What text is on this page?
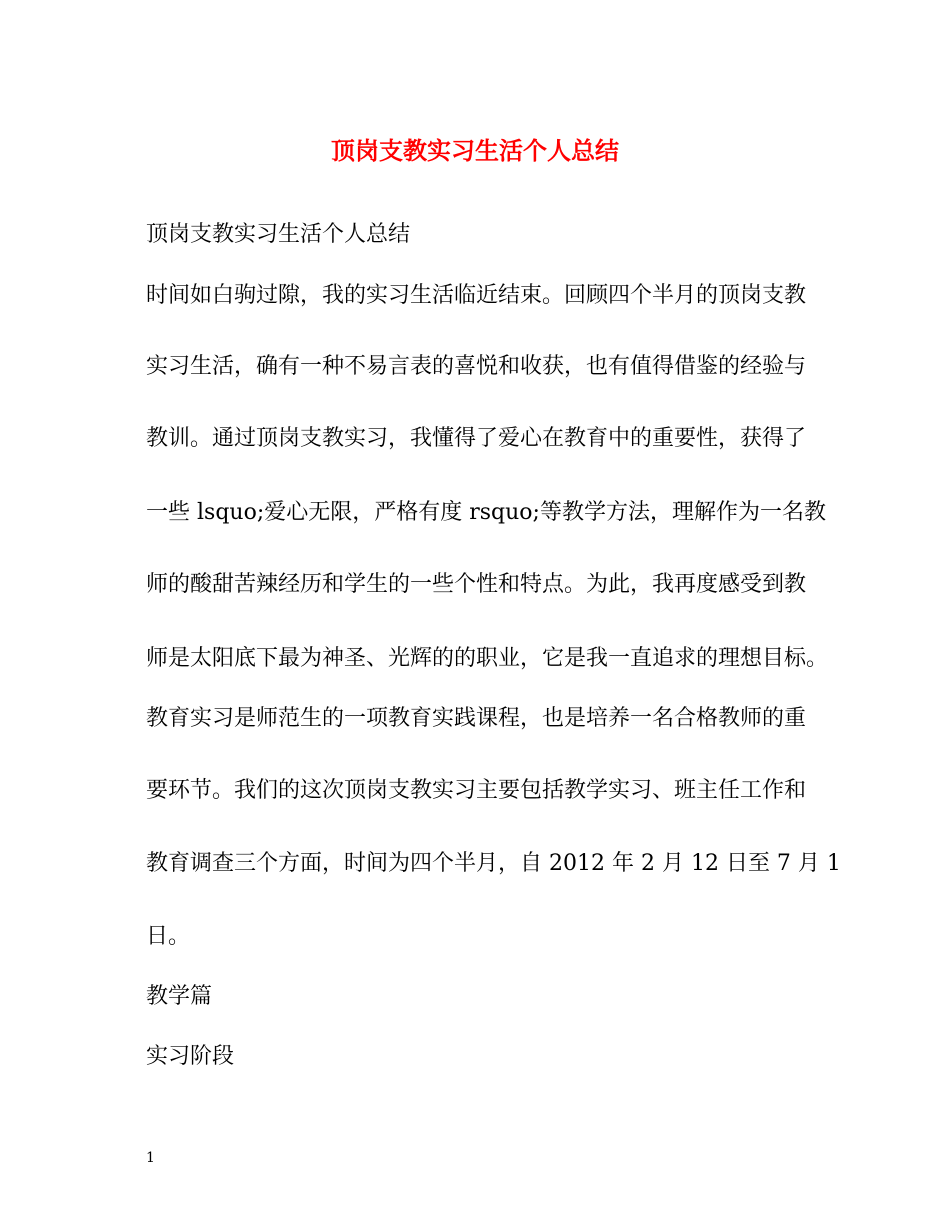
顶岗支教实习生活个人总结
顶岗支教实习生活个人总结
时间如白驹过隙，我的实习生活临近结束。回顾四个半月的顶岗支教
实习生活，确有一种不易言表的喜悦和收获，也有值得借鉴的经验与
教训。通过顶岗支教实习，我懂得了爱心在教育中的重要性，获得了
一些 lsquo;爱心无限，严格有度 rsquo;等教学方法，理解作为一名教
师的酸甜苦辣经历和学生的一些个性和特点。为此，我再度感受到教
师是太阳底下最为神圣、光辉的的职业，它是我一直追求的理想目标。
教育实习是师范生的一项教育实践课程，也是培养一名合格教师的重
要环节。我们的这次顶岗支教实习主要包括教学实习、班主任工作和
教育调查三个方面，时间为四个半月，自 2012 年 2 月 12 日至 7 月 1
日。
教学篇
实习阶段
1
